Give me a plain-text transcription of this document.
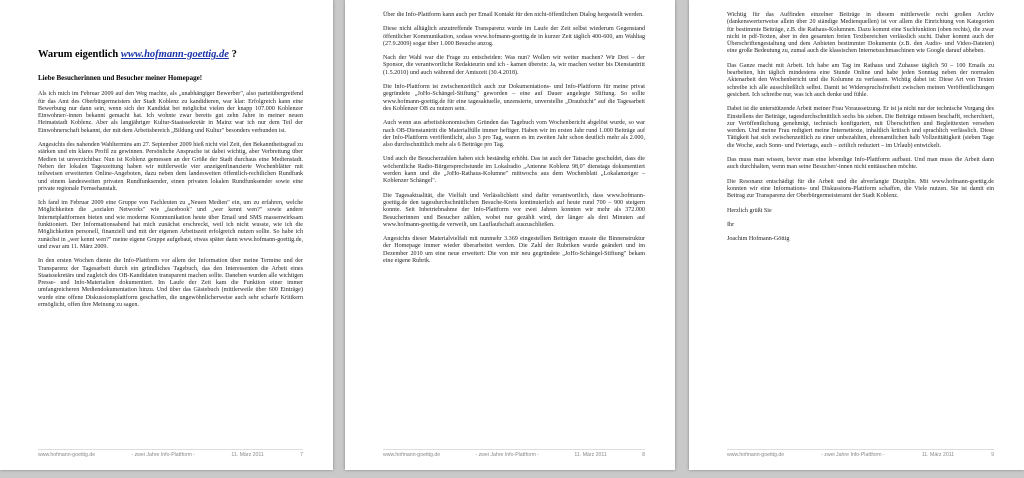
Warum eigentlich www.hofmann-goettig.de ?
Liebe Besucherinnen und Besucher meiner Homepage!

Als ich mich im Februar 2009 auf den Weg machte, als „unabhängiger Bewerber", also parteiübergreifend für das Amt des Oberbürgermeisters der Stadt Koblenz zu kandidieren, war klar: Erfolgreich kann eine Bewerbung nur dann sein, wenn sich der Kandidat bei möglichst vielen der knapp 107.000 Koblenzer Einwohner/-innen bekannt gemacht hat. Ich wohnte zwar bereits gut zehn Jahre in meiner neuen Heimatstadt Koblenz. Aber als langjähriger Kultur-Staatssekretär in Mainz war ich nur dem Teil der Einwohnerschaft bekannt, der mit dem Arbeitsbereich „Bildung und Kultur" besonders verbunden ist.

Angesichts des nahenden Wahltermins am 27. September 2009 hieß nicht viel Zeit, den Bekanntheitsgrad zu stärken und ein klares Profil zu gewinnen. Persönliche Ansprache ist dabei wichtig, aber Verbreitung über Medien ist unverzichtbar. Nun ist Koblenz gemessen an der Größe der Stadt durchaus eine Medienstadt. Neben der lokalen Tageszeitung haben wir mittlerweile vier anzeigenfinanzierte Wochenblätter mit teilweisen erweiterten Online-Angeboten, dazu neben dem landesweiten öffentlich-rechtlichen Rundfunk und einem landesweiten privaten Rundfunksender, einen privaten lokalen Rundfunksender sowie eine private regionale Fernsehanstalt.

Ich fand im Februar 2009 eine Gruppe von Fachleuten zu „Neuen Medien" ein, um zu erfahren, welche Möglichkeiten die „sozialen Networks" wie „facebook" und „wer kennt wen?" sowie andere Internetplattformen bieten und wie moderne Kommunikation heute über Email und SMS massenwirksam funktioniert. Der Informationsabend hat mich zunächst erschreckt, weil ich nicht wusste, wie ich die Möglichkeiten personell, finanziell und mit der eigenen Arbeitszeit erfolgreich nutzen sollte. So habe ich zunächst in „wer kennt wen?" meine eigene Gruppe aufgebaut, etwas später dann www.hofmann-goettig.de, und zwar am 11. März 2009.

In den ersten Wochen diente die Info-Plattform vor allem der Information über meine Termine und der Transparenz der Tagesarbeit durch ein gründliches Tagebuch, das den Interessenten die Arbeit eines Staatssekretärs und zugleich des OB-Kandidaten transparent machen sollte. Daneben wurden alle wichtigen Presse- und Info-Materialien dokumentiert. Im Laufe der Zeit kam die Funktion einer immer umfangreicheren Mediendokumentation hinzu. Und über das Gästebuch (mittlerweile über 600 Einträge) wurde eine offene Diskussionsplattform geschaffen, die ungewöhnlicherweise auch sehr scharfe Kritikern ermöglicht, offen ihre Meinung zu sagen.

www.hofmann-goettig.de	- zwei Jahre Info-Plattform -	11. März 2011	7

Über die Info-Plattform kann auch per Email Kontakt für den nicht-öffentlichen Dialog hergestellt werden.

Diese nicht alltäglich anzutreffende Transparenz wurde im Laufe der Zeit selbst wiederum Gegenstand öffentlicher Kommunikation, sodass www.hofmann-goettig.de in kurzer Zeit täglich 400-600, am Wahltag (27.9.2009) sogar über 1.000 Besuche anzog.

Nach der Wahl war die Frage zu entscheiden: Was nun? Wollen wir weiter machen? Wir Drei – der Sponsor, die verantwortliche Redakteurin und ich - kamen überein: Ja, wir machen weiter bis Dienstantritt (1.5.2010) und auch während der Amtszeit (30.4.2018).

Die Info-Plattform ist zwischenzeitlich auch zur Dokumentations- und Info-Plattform für meine privat gegründete „JoHo-Schängel-Stiftung" geworden – eine auf Dauer angelegte Stiftung. So sollte www.hofmann-goettig.de für eine tagesaktuelle, unzensierte, unverstellte „Draufsicht" auf die Tagesarbeit des Koblenzer OB zu nutzen sein.

Auch wenn aus arbeitsökonomischen Gründen das Tagebuch vom Wochenbericht abgelöst wurde, so war nach OB-Dienstantritt die Materialfülle immer heftiger. Haben wir im ersten Jahr rund 1.000 Beiträge auf der Info-Plattform veröffentlicht, also 3 pro Tag, waren es im zweiten Jahr schon deutlich mehr als 2.000, also durchschnittlich mehr als 6 Beiträge pro Tag.

Und auch die Besucherzahlen haben sich beständig erhöht. Das ist auch der Tatsache geschuldet, dass die wöchentliche Radio-Bürgersprechstunde im Lokalradio „Antenne Koblenz 98,0" dienstags dokumentiert werden kann und die „JoHo-Rathaus-Kolumne" mittwochs aus dem Wochenblatt „Lokalanzeiger – Koblenzer Schängel".

Die Tagesaktualität, die Vielfalt und Verlässlichkeit sind dafür verantwortlich, dass www.hofmann-goettig.de den tagesdurchschnittlichen Besuche-Kreis kontinuierlich auf heute rund 700 – 900 steigern konnte. Seit Inbetriebnahme der Info-Plattform vor zwei Jahren konnten wir mehr als 372.000 Besucherinnen und Besucher zählen, wobei nur gezählt wird, der länger als drei Minuten auf www.hofmann-goettig.de verweilt, um Lauflaufschaft auszuschließen.

Angesichts dieser Materialvielfalt mit nunmehr 3.369 eingestellten Beiträgen musste die Binnenstruktur der Homepage immer wieder überarbeitet werden. Die Zahl der Rubriken wurde geändert und im Dezember 2010 um eine neue erweitert: Die von mir neu gegründete „JoHo-Schängel-Stiftung" bekam eine eigene Rubrik.

www.hofmann-goettig.de	- zwei Jahre Info-Plattform -	11. März 2011	8

Wichtig für das Auffinden einzelner Beiträge in diesem mittlerweile recht großen Archiv (dankenswerterweise allein über 20 ständige Medienquellen) ist vor allem die Einrichtung von Kategorien für bestimmte Beiträge, z.B. die Rathaus-Kolumnen. Dazu kommt eine Suchfunktion (oben rechts), die zwar nicht in pdf-Texten, aber in den gesamten freien Textbereichen verlässlich sucht. Daher kommt auch der Überschriftengestaltung und dem Anbieten bestimmter Dokumente (z.B. den Audio- und Video-Dateien) eine große Bedeutung zu, zumal auch die klassischen Internetsuchmaschinen wie Google darauf abheben.

Das Ganze macht mit Arbeit. Ich habe am Tag im Rathaus und Zuhause täglich 50 – 100 Emails zu bearbeiten, hin täglich mindestens eine Stunde Online und habe jeden Sonntag neben der normalen Aktenarbeit den Wochenbericht und die Kolumne zu verfassen. Wichtig dabei ist: Diese Art von Texten schreibe ich alle ausschließlich selbst. Damit ist Widerspruchsfreiheit zwischen meinen Veröffentlichungen gesichert. Ich schreibe nur, was ich auch denke und fühle.

Dabei ist die unterstützende Arbeit meiner Frau Voraussetzung. Er ist ja nicht nur der technische Vorgang des Einstellens der Beiträge, tagesdurchschnittlich sechs bis sieben. Die Beiträge müssen beschafft, recherchiert, zur Veröffentlichung genehmigt, technisch konfiguriert, mit Überschriften und Begleittexten versehen werden. Und meine Frau redigiert meine Internettexte, inhaltlich kritisch und sprachlich verlässlich. Diese Tätigkeit hat sich zwischenzeitlich zu einer unbezahlten, ehrenamtlichen halb Vollzeittätigkeit (sieben Tage die Woche, auch Sonn- und Feiertags, auch – zeitlich reduziert – im Urlaub) entwickelt.

Das muss man wissen, bevor man eine lebendige Info-Plattform aufbaut. Und man muss die Arbeit dann auch durchhalten, wenn man seine Besucher/-innen nicht enttäuschen möchte.

Die Resonanz entschädigt für die Arbeit und die abverlangte Disziplin. Mit www.hofmann-goettig.de konnten wir eine Informations- und Diskussions-Plattform schaffen, die Viele nutzen. Sie ist damit ein Beitrag zur Transparenz der Oberbürgermeisteramt der Stadt Koblenz.

Herzlich grüßt Sie

Ihr

Joachim Hofmann-Göttig

www.hofmann-goettig.de	- zwei Jahre Info-Plattform -	11. März 2011	9
